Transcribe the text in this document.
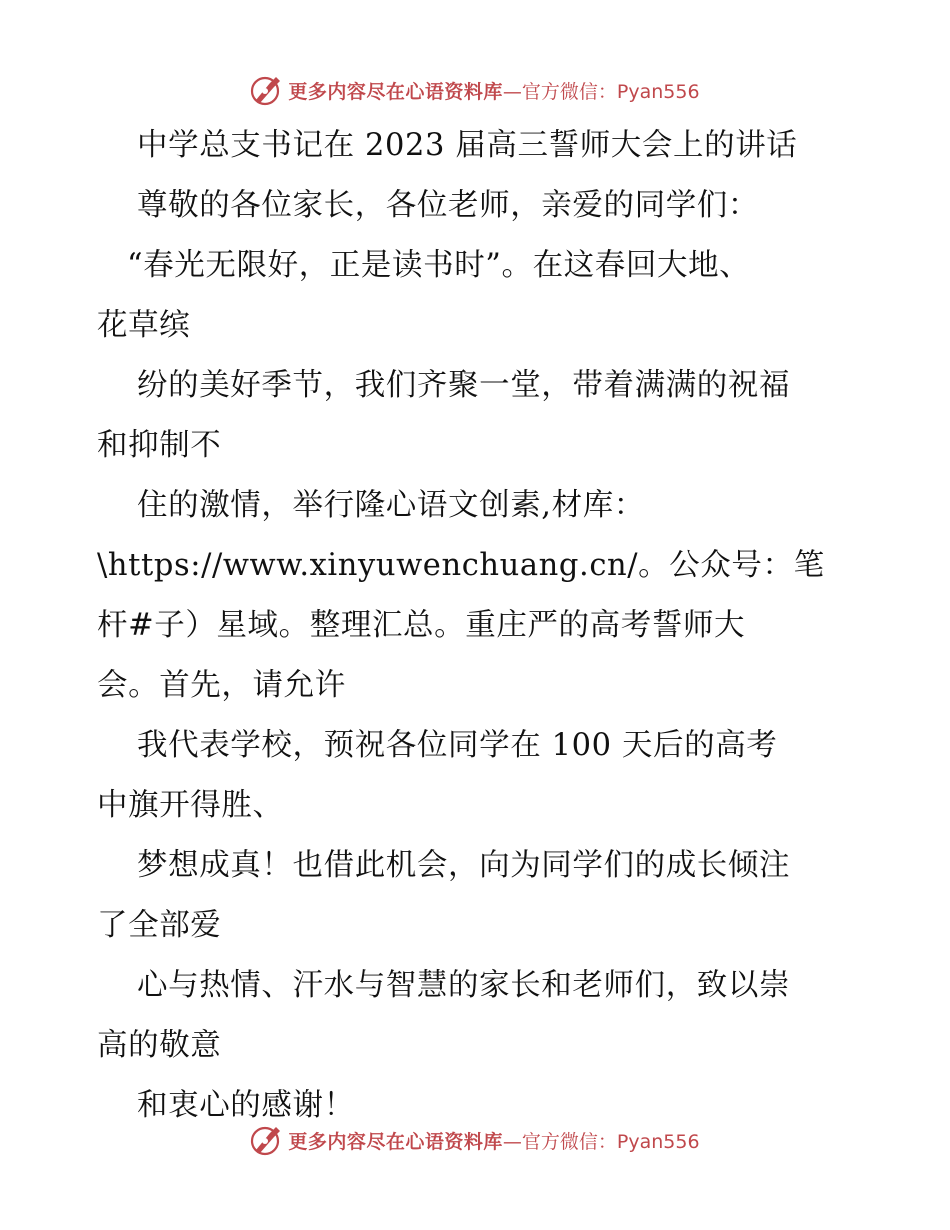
更多内容尽在心语资料库 —官方微信：Pyan556
中学总支书记在 2023 届高三誓师大会上的讲话
尊敬的各位家长，各位老师，亲爱的同学们：
“春光无限好，正是读书时”。在这春回大地、
花草缤
纷的美好季节，我们齐聚一堂，带着满满的祝福
和抑制不
住的激情，举行隆心语文创素,材库：
\https://www.xinyuwenchuang.cn/。公众号：笔
杆#子）星域。整理汇总。重庄严的高考誓师大
会。首先，请允许
我代表学校，预祝各位同学在 100 天后的高考
中旗开得胜、
梦想成真！也借此机会，向为同学们的成长倾注
了全部爱
心与热情、汗水与智慧的家长和老师们，致以崇
高的敬意
和衷心的感谢！
更多内容尽在心语资料库 —官方微信：Pyan556
